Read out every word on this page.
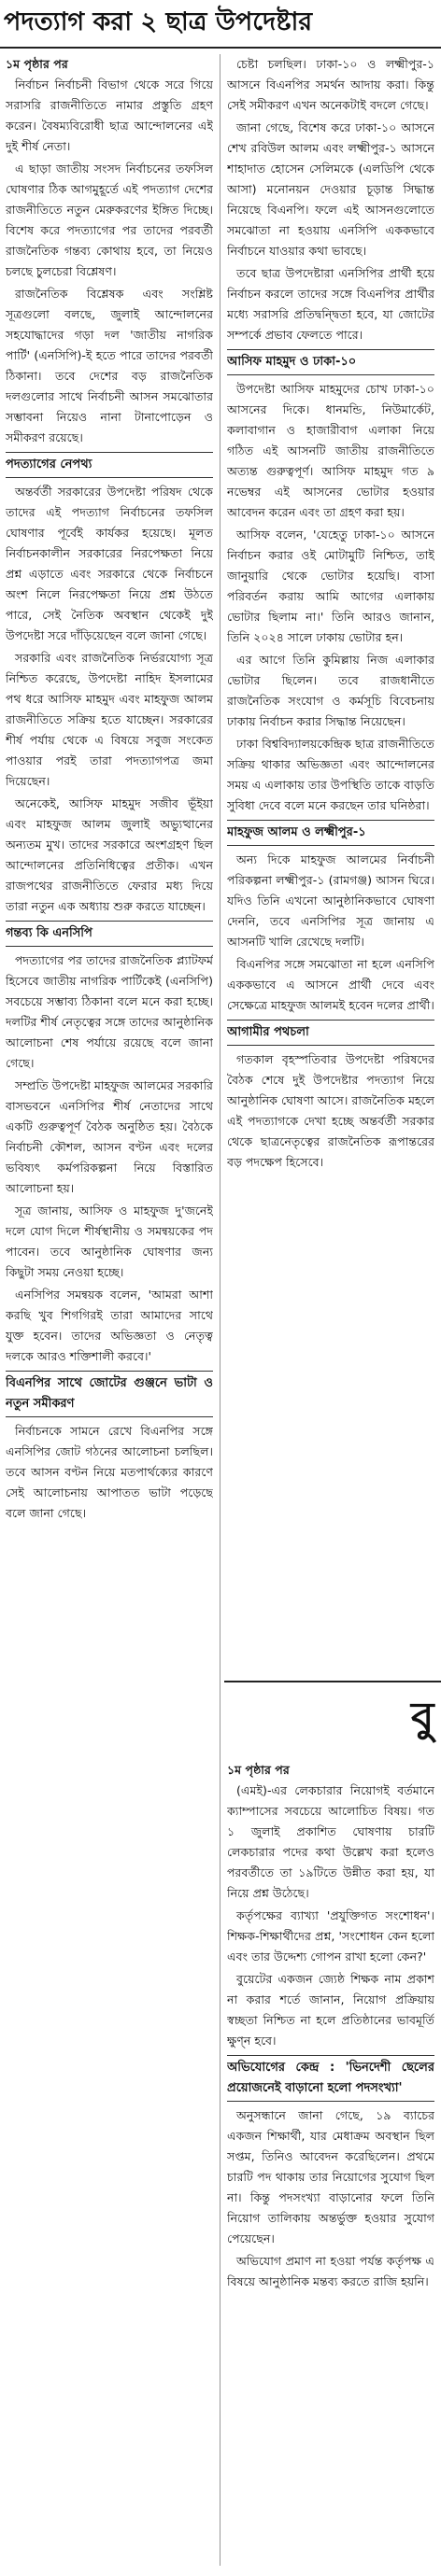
পদত্যাগ করা ২ ছাত্র উপদেষ্টার
১ম পৃষ্ঠার পর

নির্বাচন নির্বাচনী বিভাগ থেকে সরে গিয়ে সরাসরি রাজনীতিতে নামার প্রস্তুতি গ্রহণ করেন। বৈষম্যবিরোধী ছাত্র আন্দোলনের এই দুই শীর্ষ নেতা।

এ ছাড়া জাতীয় সংসদ নির্বাচনের তফসিল ঘোষণার ঠিক আগমুহূর্তে এই পদত্যাগ দেশের রাজনীতিতে নতুন মেরুকরণের ইঙ্গিত দিচ্ছে। বিশেষ করে পদত্যাগের পর তাদের পরবর্তী রাজনৈতিক গন্তব্য কোথায় হবে, তা নিয়েও চলছে চুলচেরা বিশ্লেষণ।

রাজনৈতিক বিশ্লেষক এবং সংশ্লিষ্ট সূত্রগুলো বলছে, জুলাই আন্দোলনের সহযোদ্ধাদের গড়া দল 'জাতীয় নাগরিক পার্টি' (এনসিপি)-ই হতে পারে তাদের পরবর্তী ঠিকানা। তবে দেশের বড় রাজনৈতিক দলগুলোর সাথে নির্বাচনী আসন সমঝোতার সম্ভাবনা নিয়েও নানা টানাপোড়েন ও সমীকরণ রয়েছে।

পদত্যাগের নেপথ্য

অন্তর্বর্তী সরকারের উপদেষ্টা পরিষদ থেকে তাদের এই পদত্যাগ নির্বাচনের তফসিল ঘোষণার পূর্বেই কার্যকর হয়েছে। মূলত নির্বাচনকালীন সরকারের নিরপেক্ষতা নিয়ে প্রশ্ন এড়াতে এবং সরকারে থেকে নির্বাচনে অংশ নিলে নিরপেক্ষতা নিয়ে প্রশ্ন উঠতে পারে, সেই নৈতিক অবস্থান থেকেই দুই উপদেষ্টা সরে দাঁড়িয়েছেন বলে জানা গেছে।

সরকারি এবং রাজনৈতিক নির্ভরযোগ্য সূত্র নিশ্চিত করেছে, উপদেষ্টা নাহিদ ইসলামের পথ ধরে আসিফ মাহমুদ এবং মাহফুজ আলম রাজনীতিতে সক্রিয় হতে যাচ্ছেন। সরকারের শীর্ষ পর্যায় থেকে এ বিষয়ে সবুজ সংকেত পাওয়ার পরই তারা পদত্যাগপত্র জমা দিয়েছেন।

অনেকেই, আসিফ মাহমুদ সজীব ভূঁইয়া এবং মাহফুজ আলম জুলাই অভ্যুত্থানের অন্যতম মুখ। তাদের সরকারে অংশগ্রহণ ছিল আন্দোলনের প্রতিনিধিত্বের প্রতীক। এখন রাজপথের রাজনীতিতে ফেরার মধ্য দিয়ে তারা নতুন এক অধ্যায় শুরু করতে যাচ্ছেন।

গন্তব্য কি এনসিপি

পদত্যাগের পর তাদের রাজনৈতিক প্ল্যাটফর্ম হিসেবে জাতীয় নাগরিক পার্টিকেই (এনসিপি) সবচেয়ে সম্ভাব্য ঠিকানা বলে মনে করা হচ্ছে। দলটির শীর্ষ নেতৃত্বের সঙ্গে তাদের আনুষ্ঠানিক আলোচনা শেষ পর্যায়ে রয়েছে বলে জানা গেছে।

সম্প্রতি উপদেষ্টা মাহফুজ আলমের সরকারি বাসভবনে এনসিপির শীর্ষ নেতাদের সাথে একটি গুরুত্বপূর্ণ বৈঠক অনুষ্ঠিত হয়। বৈঠকে নির্বাচনী কৌশল, আসন বণ্টন এবং দলের ভবিষ্যৎ কর্মপরিকল্পনা নিয়ে বিস্তারিত আলোচনা হয়।

সূত্র জানায়, আসিফ ও মাহফুজ দু'জনেই দলে যোগ দিলে শীর্ষস্থানীয় ও সমন্বয়কের পদ পাবেন। তবে আনুষ্ঠানিক ঘোষণার জন্য কিছুটা সময় নেওয়া হচ্ছে।

এনসিপির সমন্বয়ক বলেন, 'আমরা আশা করছি খুব শিগগিরই তারা আমাদের সাথে যুক্ত হবেন। তাদের অভিজ্ঞতা ও নেতৃত্ব দলকে আরও শক্তিশালী করবে।'

বিএনপির সাথে জোটের গুঞ্জনে ভাটা ও নতুন সমীকরণ

নির্বাচনকে সামনে রেখে বিএনপির সঙ্গে এনসিপির জোট গঠনের আলোচনা চলছিল। তবে আসন বণ্টন নিয়ে মতপার্থক্যের কারণে সেই আলোচনায় আপাতত ভাটা পড়েছে বলে জানা গেছে।

চেষ্টা চলছিল। ঢাকা-১০ ও লক্ষ্মীপুর-১ আসনে বিএনপির সমর্থন আদায় করা। কিন্তু সেই সমীকরণ এখন অনেকটাই বদলে গেছে।

জানা গেছে, বিশেষ করে ঢাকা-১০ আসনে শেখ রবিউল আলম এবং লক্ষ্মীপুর-১ আসনে শাহাদাত হোসেন সেলিমকে (এলডিপি থেকে আসা) মনোনয়ন দেওয়ার চূড়ান্ত সিদ্ধান্ত নিয়েছে বিএনপি। ফলে এই আসনগুলোতে সমঝোতা না হওয়ায় এনসিপি এককভাবে নির্বাচনে যাওয়ার কথা ভাবছে।

তবে ছাত্র উপদেষ্টারা এনসিপির প্রার্থী হয়ে নির্বাচন করলে তাদের সঙ্গে বিএনপির প্রার্থীর মধ্যে সরাসরি প্রতিদ্বন্দ্বিতা হবে, যা জোটের সম্পর্কে প্রভাব ফেলতে পারে।

আসিফ মাহমুদ ও ঢাকা-১০

উপদেষ্টা আসিফ মাহমুদের চোখ ঢাকা-১০ আসনের দিকে। ধানমন্ডি, নিউমার্কেট, কলাবাগান ও হাজারীবাগ এলাকা নিয়ে গঠিত এই আসনটি জাতীয় রাজনীতিতে অত্যন্ত গুরুত্বপূর্ণ। আসিফ মাহমুদ গত ৯ নভেম্বর এই আসনের ভোটার হওয়ার আবেদন করেন এবং তা গ্রহণ করা হয়।

আসিফ বলেন, 'যেহেতু ঢাকা-১০ আসনে নির্বাচন করার ওই মোটামুটি নিশ্চিত, তাই জানুয়ারি থেকে ভোটার হয়েছি। বাসা পরিবর্তন করায় আমি আগের এলাকায় ভোটার ছিলাম না।' তিনি আরও জানান, তিনি ২০২৪ সালে ঢাকায় ভোটার হন।

এর আগে তিনি কুমিল্লায় নিজ এলাকার ভোটার ছিলেন। তবে রাজধানীতে রাজনৈতিক সংযোগ ও কর্মসূচি বিবেচনায় ঢাকায় নির্বাচন করার সিদ্ধান্ত নিয়েছেন।

ঢাকা বিশ্ববিদ্যালয়কেন্দ্রিক ছাত্র রাজনীতিতে সক্রিয় থাকার অভিজ্ঞতা এবং আন্দোলনের সময় এ এলাকায় তার উপস্থিতি তাকে বাড়তি সুবিধা দেবে বলে মনে করছেন তার ঘনিষ্ঠরা।

মাহফুজ আলম ও লক্ষ্মীপুর-১

অন্য দিকে মাহফুজ আলমের নির্বাচনী পরিকল্পনা লক্ষ্মীপুর-১ (রামগঞ্জ) আসন ঘিরে। যদিও তিনি এখনো আনুষ্ঠানিকভাবে ঘোষণা দেননি, তবে এনসিপির সূত্র জানায় এ আসনটি খালি রেখেছে দলটি।

বিএনপির সঙ্গে সমঝোতা না হলে এনসিপি এককভাবে এ আসনে প্রার্থী দেবে এবং সেক্ষেত্রে মাহফুজ আলমই হবেন দলের প্রার্থী।

আগামীর পথচলা

গতকাল বৃহস্পতিবার উপদেষ্টা পরিষদের বৈঠক শেষে দুই উপদেষ্টার পদত্যাগ নিয়ে আনুষ্ঠানিক ঘোষণা আসে। রাজনৈতিক মহলে এই পদত্যাগকে দেখা হচ্ছে অন্তর্বর্তী সরকার থেকে ছাত্রনেতৃত্বের রাজনৈতিক রূপান্তরের বড় পদক্ষেপ হিসেবে।

বু
১ম পৃষ্ঠার পর

(এমই)-এর লেকচারার নিয়োগই বর্তমানে ক্যাম্পাসের সবচেয়ে আলোচিত বিষয়। গত ১ জুলাই প্রকাশিত ঘোষণায় চারটি লেকচারার পদের কথা উল্লেখ করা হলেও পরবর্তীতে তা ১৯টিতে উন্নীত করা হয়, যা নিয়ে প্রশ্ন উঠেছে।

কর্তৃপক্ষের ব্যাখ্যা 'প্রযুক্তিগত সংশোধন'। শিক্ষক-শিক্ষার্থীদের প্রশ্ন, 'সংশোধন কেন হলো এবং তার উদ্দেশ্য গোপন রাখা হলো কেন?'

বুয়েটের একজন জ্যেষ্ঠ শিক্ষক নাম প্রকাশ না করার শর্তে জানান, নিয়োগ প্রক্রিয়ায় স্বচ্ছতা নিশ্চিত না হলে প্রতিষ্ঠানের ভাবমূর্তি ক্ষুণ্ন হবে।

অভিযোগের কেন্দ্র : 'ভিনদেশী ছেলের প্রয়োজনেই বাড়ানো হলো পদসংখ্যা'

অনুসন্ধানে জানা গেছে, ১৯ ব্যাচের একজন শিক্ষার্থী, যার মেধাক্রম অবস্থান ছিল সপ্তম, তিনিও আবেদন করেছিলেন। প্রথমে চারটি পদ থাকায় তার নিয়োগের সুযোগ ছিল না। কিন্তু পদসংখ্যা বাড়ানোর ফলে তিনি নিয়োগ তালিকায় অন্তর্ভুক্ত হওয়ার সুযোগ পেয়েছেন।

অভিযোগ প্রমাণ না হওয়া পর্যন্ত কর্তৃপক্ষ এ বিষয়ে আনুষ্ঠানিক মন্তব্য করতে রাজি হয়নি।
